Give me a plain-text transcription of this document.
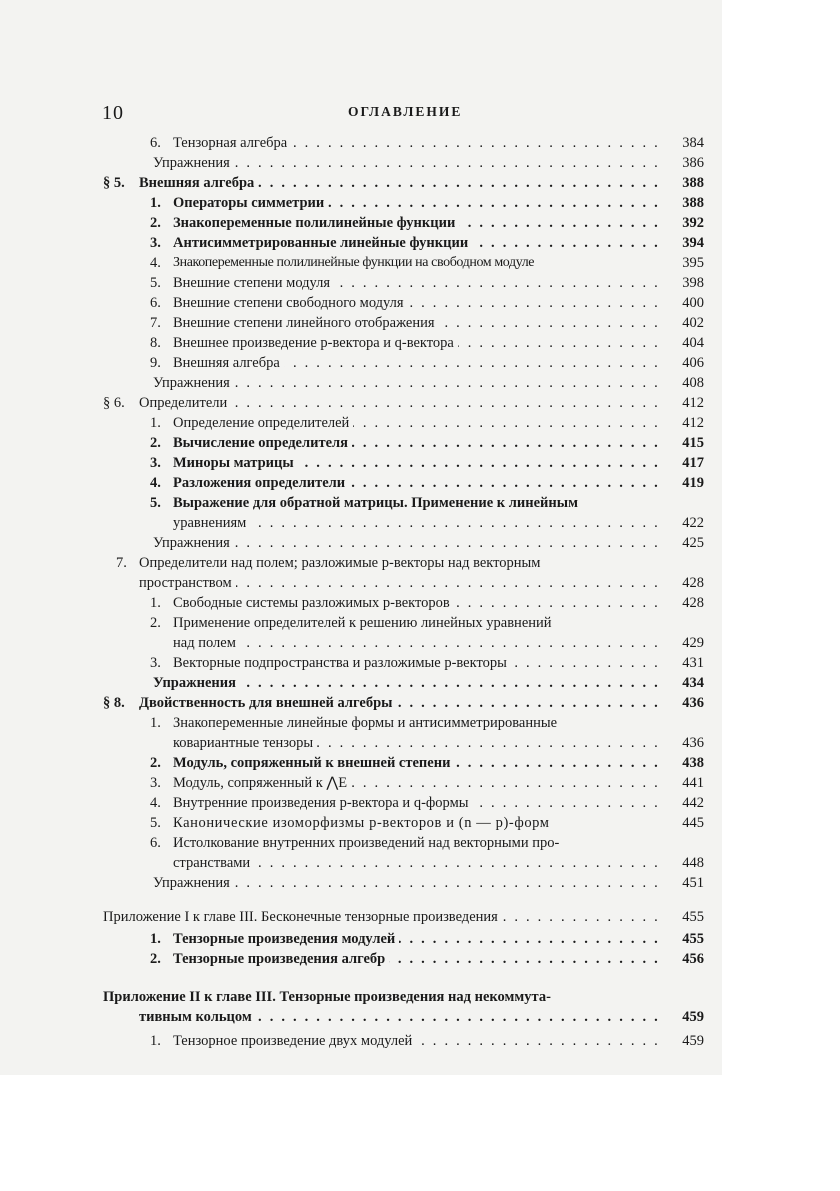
10	ОГЛАВЛЕНИЕ
6. Тензорная алгебра . . .	384
Упражнения . . .	386
§ 5. Внешняя алгебра . . .	388
1. Операторы симметрии . . .	388
2. Знакопеременные полилинейные функции . . .	392
3. Антисимметрированные линейные функции . . .	394
4. Знакопеременные полилинейные функции на свободном модуле	395
5. Внешние степени модуля . . .	398
6. Внешние степени свободного модуля . . .	400
7. Внешние степени линейного отображения . . .	402
8. Внешнее произведение p-вектора и q-вектора . . .	404
9. Внешняя алгебра . . .	406
Упражнения . . .	408
§ 6. Определители . . .	412
1. Определение определителей . . .	412
2. Вычисление определителя . . .	415
3. Миноры матрицы . . .	417
4. Разложения определители . . .	419
5. Выражение для обратной матрицы. Применение к линейным
уравнениям . . .	422
Упражнения . . .	425
7. Определители над полем; разложимые p-векторы над векторным
пространством . . .	428
1. Свободные системы разложимых p-векторов . . .	428
2. Применение определителей к решению линейных уравнений
над полем . . .	429
3. Векторные подпространства и разложимые p-векторы . . .	431
Упражнения . . .	434
§ 8. Двойственность для внешней алгебры . . .	436
1. Знакопеременные линейные формы и антисимметрированные
ковариантные тензоры . . .	436
2. Модуль, сопряженный к внешней степени . . .	438
3. Модуль, сопряженный к ⋀E . . .	441
4. Внутренние произведения p-вектора и q-формы . . .	442
5. Канонические изоморфизмы p-векторов и (n — p)-форм	445
6. Истолкование внутренних произведений над векторными про-
странствами . . .	448
Упражнения . . .	451
Приложение I к главе III. Бесконечные тензорные произведения . . .	455
1. Тензорные произведения модулей . . .	455
2. Тензорные произведения алгебр . . .	456
Приложение II к главе III. Тензорные произведения над некоммута-
тивным кольцом . . .	459
1. Тензорное произведение двух модулей . . .	459
